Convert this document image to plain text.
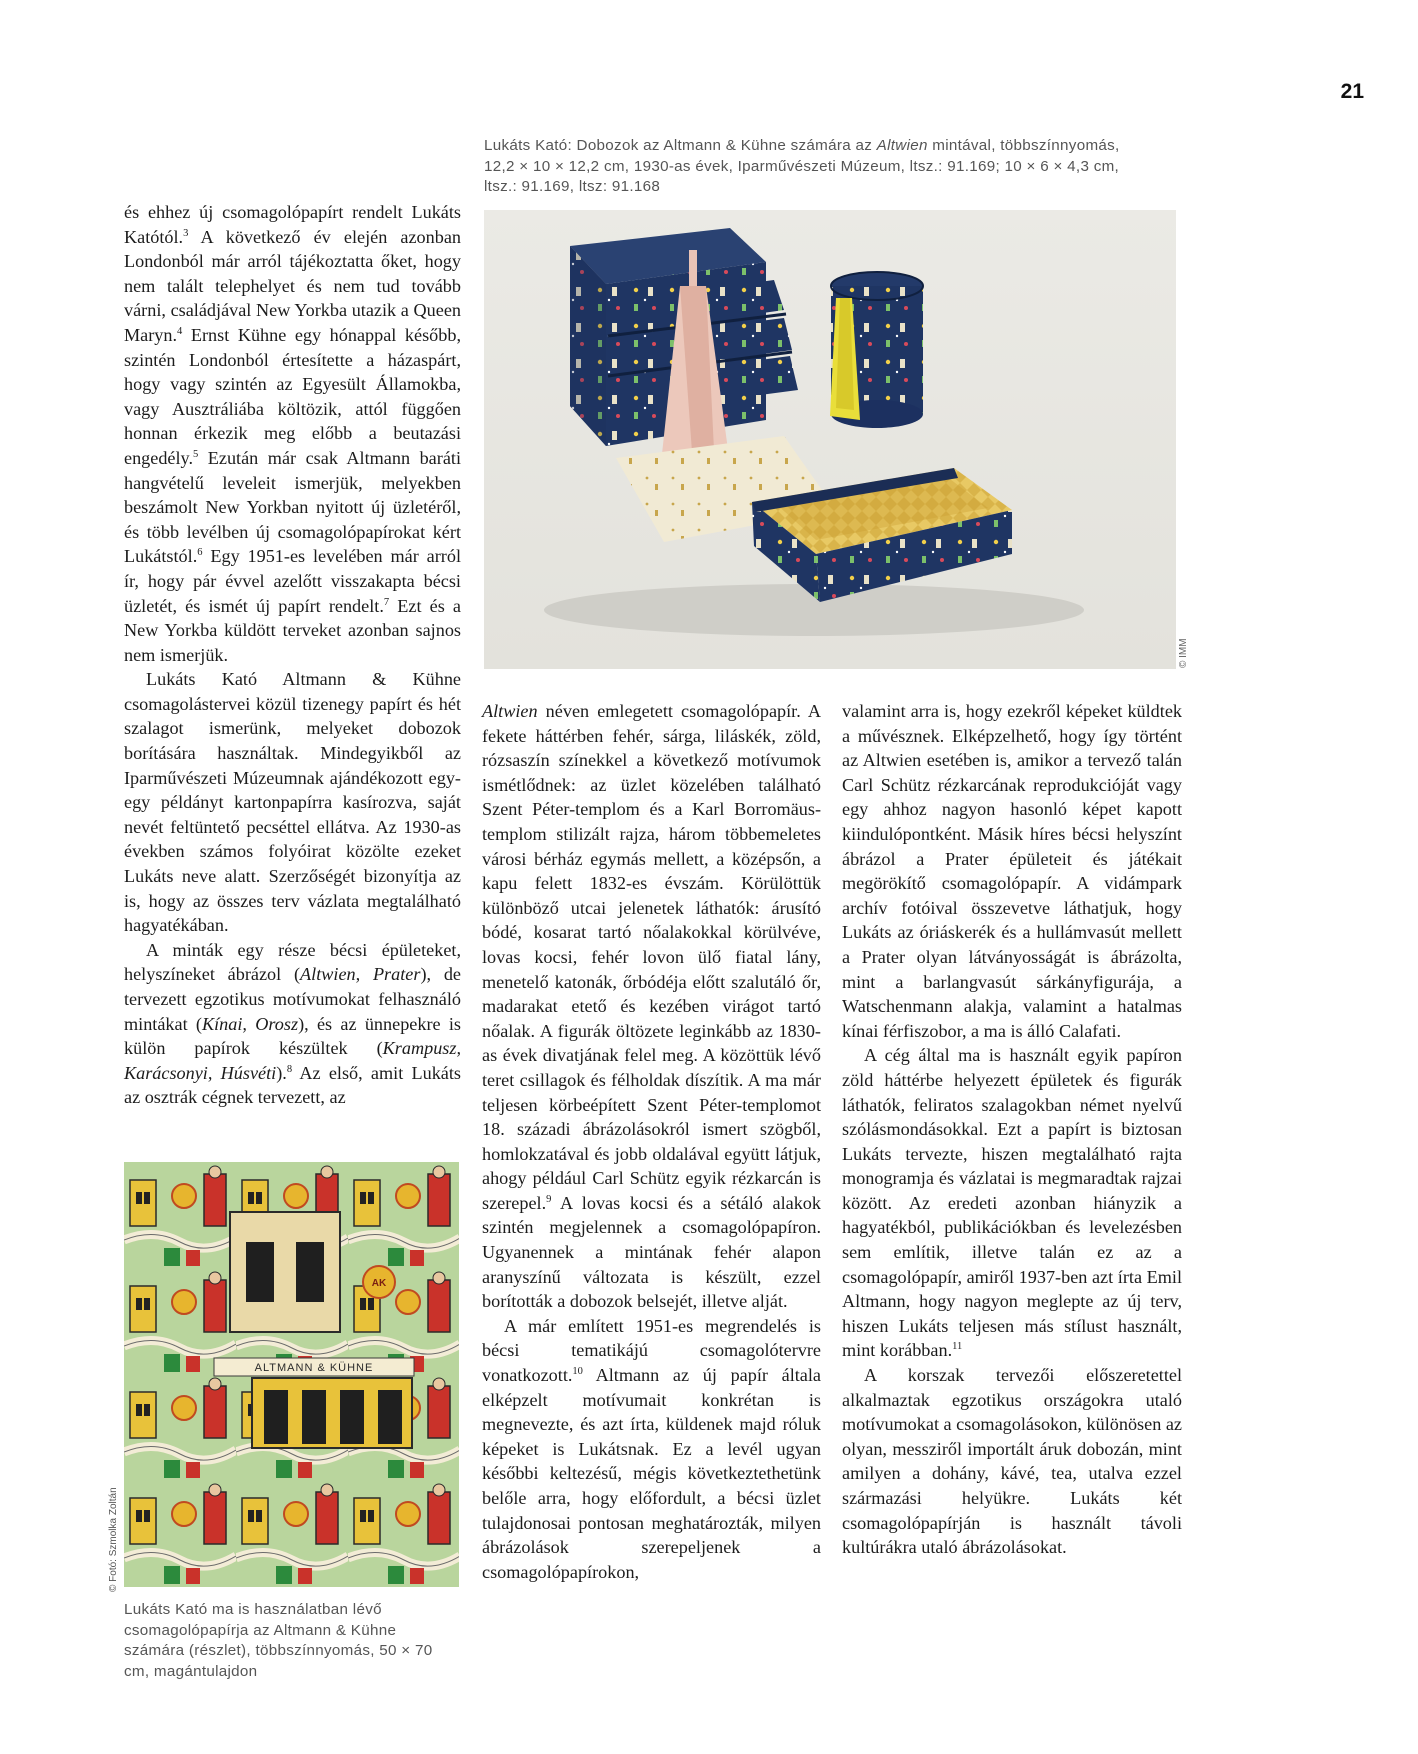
21
Lukáts Kató: Dobozok az Altmann & Kühne számára az Altwien mintával, többszínnyomás, 12,2 × 10 × 12,2 cm, 1930-as évek, Iparművészeti Múzeum, ltsz.: 91.169; 10 × 6 × 4,3 cm, ltsz.: 91.169, ltsz: 91.168
© IMM

és ehhez új csomagolópapírt rendelt Lukáts Katótól.$^3$ A következő év elején azonban Londonból már arról tájékoztatta őket, hogy nem talált telephelyet és nem tud tovább várni, családjával New Yorkba utazik a Queen Maryn.$^4$ Ernst Kühne egy hónappal később, szintén Londonból értesítette a házaspárt, hogy vagy szintén az Egyesült Államokba, vagy Ausztráliába költözik, attól függően honnan érkezik meg előbb a beutazási engedély.$^5$ Ezután már csak Altmann baráti hangvételű leveleit ismerjük, melyekben beszámolt New Yorkban nyitott új üzletéről, és több levélben új csomagolópapírokat kért Lukátstól.$^6$ Egy 1951-es levelében már arról ír, hogy pár évvel azelőtt visszakapta bécsi üzletét, és ismét új papírt rendelt.$^7$ Ezt és a New Yorkba küldött terveket azonban sajnos nem ismerjük.

Lukáts Kató Altmann & Kühne csomagolástervei közül tizenegy papírt és hét szalagot ismerünk, melyeket dobozok borítására használtak. Mindegyikből az Iparművészeti Múzeumnak ajándékozott egy-egy példányt kartonpapírra kasírozva, saját nevét feltüntető pecséttel ellátva. Az 1930-as években számos folyóirat közölte ezeket Lukáts neve alatt. Szerzőségét bizonyítja az is, hogy az összes terv vázlata megtalálható hagyatékában.

A minták egy része bécsi épületeket, helyszíneket ábrázol (Altwien, Prater), de tervezett egzotikus motívumokat felhasználó mintákat (Kínai, Orosz), és az ünnepekre is külön papírok készültek (Krampusz, Karácsonyi, Húsvéti).$^8$ Az első, amit Lukáts az osztrák cégnek tervezett, az

ALTMANN & KÜHNE
AK
© Fotó: Szmolka Zoltán
Lukáts Kató ma is használatban lévő csomagolópapírja az Altmann & Kühne számára (részlet), többszínnyomás, 50 × 70 cm, magántulajdon

Altwien néven emlegetett csomagolópapír. A fekete háttérben fehér, sárga, liláskék, zöld, rózsaszín színekkel a következő motívumok ismétlődnek: az üzlet közelében található Szent Péter-templom és a Karl Borromäus-templom stilizált rajza, három többemeletes városi bérház egymás mellett, a középsőn, a kapu felett 1832-es évszám. Körülöttük különböző utcai jelenetek láthatók: árusító bódé, kosarat tartó nőalakokkal körülvéve, lovas kocsi, fehér lovon ülő fiatal lány, menetelő katonák, őrbódéja előtt szalutáló őr, madarakat etető és kezében virágot tartó nőalak. A figurák öltözete leginkább az 1830-as évek divatjának felel meg. A közöttük lévő teret csillagok és félholdak díszítik. A ma már teljesen körbeépített Szent Péter-templomot 18. századi ábrázolásokról ismert szögből, homlokzatával és jobb oldalával együtt látjuk, ahogy például Carl Schütz egyik rézkarcán is szerepel.$^9$ A lovas kocsi és a sétáló alakok szintén megjelennek a csomagolópapíron. Ugyanennek a mintának fehér alapon aranyszínű változata is készült, ezzel borították a dobozok belsejét, illetve alját.

A már említett 1951-es megrendelés is bécsi tematikájú csomagolótervre vonatkozott.$^{10}$ Altmann az új papír általa elképzelt motívumait konkrétan is megnevezte, és azt írta, küldenek majd róluk képeket is Lukátsnak. Ez a levél ugyan későbbi keltezésű, mégis következtethetünk belőle arra, hogy előfordult, a bécsi üzlet tulajdonosai pontosan meghatározták, milyen ábrázolások szerepeljenek a csomagolópapírokon,

valamint arra is, hogy ezekről képeket küldtek a művésznek. Elképzelhető, hogy így történt az Altwien esetében is, amikor a tervező talán Carl Schütz rézkarcának reprodukcióját vagy egy ahhoz nagyon hasonló képet kapott kiindulópontként. Másik híres bécsi helyszínt ábrázol a Prater épületeit és játékait megörökítő csomagolópapír. A vidámpark archív fotóival összevetve láthatjuk, hogy Lukáts az óriáskerék és a hullámvasút mellett a Prater olyan látványosságát is ábrázolta, mint a barlangvasút sárkányfigurája, a Watschenmann alakja, valamint a hatalmas kínai férfiszobor, a ma is álló Calafati.

A cég által ma is használt egyik papíron zöld háttérbe helyezett épületek és figurák láthatók, feliratos szalagokban német nyelvű szólásmondásokkal. Ezt a papírt is biztosan Lukáts tervezte, hiszen megtalálható rajta monogramja és vázlatai is megmaradtak rajzai között. Az eredeti azonban hiányzik a hagyatékból, publikációkban és levelezésben sem említik, illetve talán ez az a csomagolópapír, amiről 1937-ben azt írta Emil Altmann, hogy nagyon meglepte az új terv, hiszen Lukáts teljesen más stílust használt, mint korábban.$^{11}$

A korszak tervezői előszeretettel alkalmaztak egzotikus országokra utaló motívumokat a csomagolásokon, különösen az olyan, messziről importált áruk dobozán, mint amilyen a dohány, kávé, tea, utalva ezzel származási helyükre. Lukáts két csomagolópapírján is használt távoli kultúrákra utaló ábrázolásokat.
